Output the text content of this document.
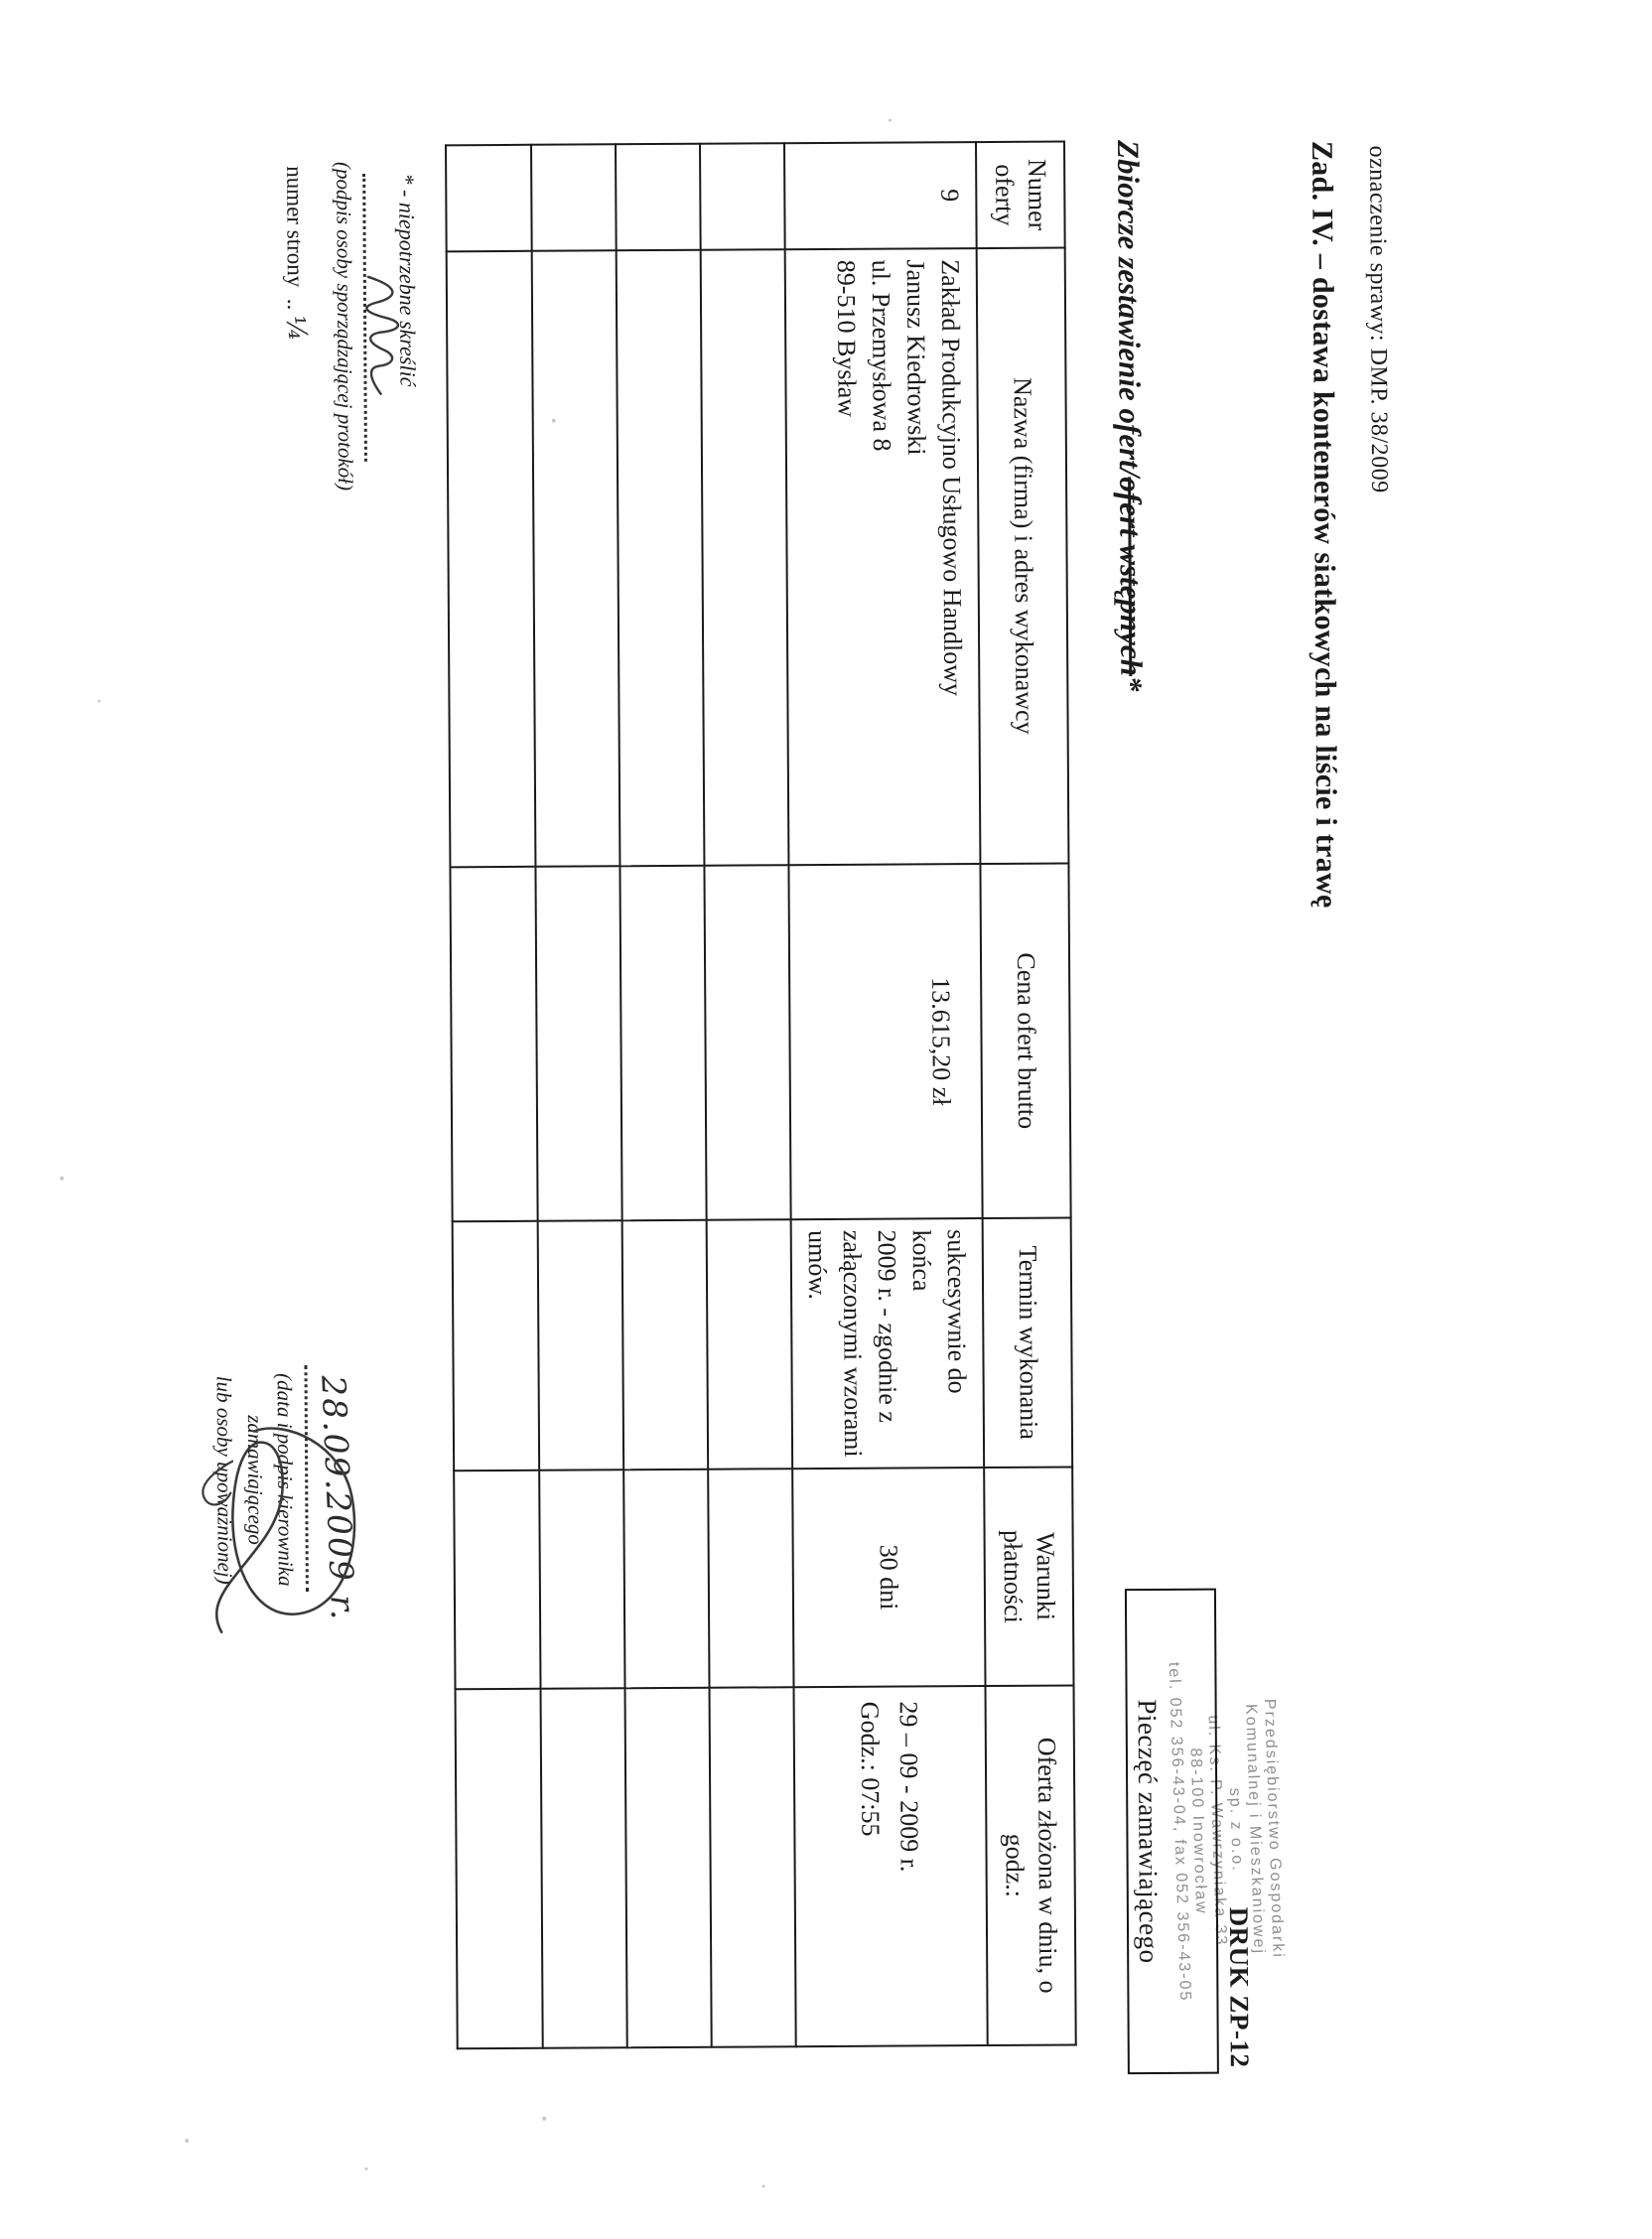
oznaczenie sprawy: DMP. 38/2009
Zad. IV. – dostawa kontenerów siatkowych na liście i trawę
Zbiorcze zestawienie ofert/ofert wstępnych*
Przedsiębiorstwo Gospodarki
Komunalnej i Mieszkaniowej
sp. z o.o.
ul. Ks. P. Wawrzyniaka 33
88-100 Inowrocław
tel. 052 356-43-04, fax 052 356-43-05 DRUK ZP-12
Pieczęć zamawiającego
Numer
oferty	Nazwa (firma) i adres wykonawcy	Cena ofert brutto	Termin wykonania	Warunki
płatności	Oferta złożona w dniu, o
godz.:
9	Zakład Produkcyjno Usługowo Handlowy
Janusz Kiedrowski
ul. Przemysłowa 8
89-510 Bysław	13.615,20 zł	sukcesywnie do końca
2009 r. - zgodnie z
załączonymi wzorami
umów.	30 dni	29 – 09 - 2009 r.
Godz.: 07:55

* - niepotrzebne skreślić
(podpis osoby sporządzającej protokół)
numer strony  .. ¼
28.09.2009 r.
(data i podpis kierownika zamawiającego
lub osoby upoważnionej)
